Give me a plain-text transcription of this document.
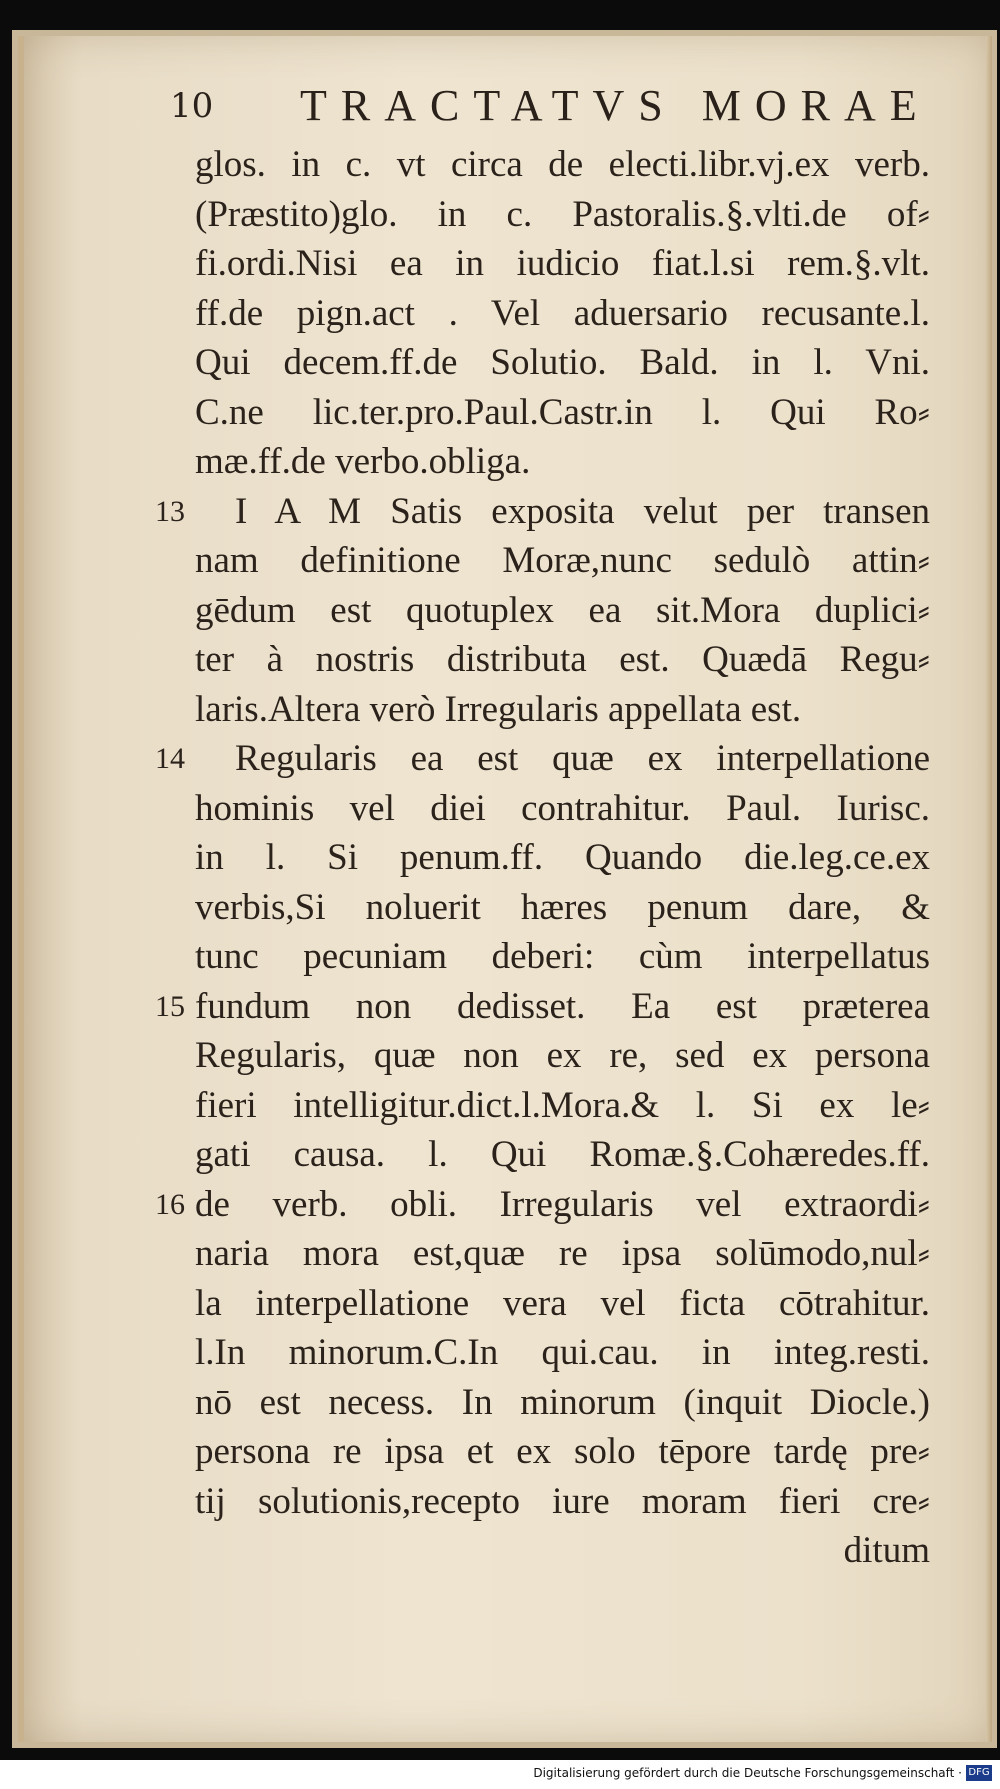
10 TRACTATVS MORAE
glos. in c. vt circa de electi.libr.vj.ex verb.
(Præstito)glo. in c. Pastoralis.§.vlti.de of⸗
fi.ordi.Nisi ea in iudicio fiat.l.si rem.§.vlt.
ff.de pign.act . Vel aduersario recusante.l.
Qui decem.ff.de Solutio. Bald. in l. Vni.
C.ne lic.ter.pro.Paul.Castr.in l. Qui Ro⸗
mæ.ff.de verbo.obliga.
I A M Satis exposita velut per transen
13
nam definitione Moræ,nunc sedulò attin⸗
gēdum est quotuplex ea sit.Mora duplici⸗
ter à nostris distributa est. Quædā Regu⸗
laris.Altera verò Irregularis appellata est.
Regularis ea est quæ ex interpellatione
14
hominis vel diei contrahitur. Paul. Iurisc.
in l. Si penum.ff. Quando die.leg.ce.ex
verbis,Si noluerit hæres penum dare, &
tunc pecuniam deberi: cùm interpellatus
fundum non dedisset. Ea est præterea
15
Regularis, quæ non ex re, sed ex persona
fieri intelligitur.dict.l.Mora.& l. Si ex le⸗
gati causa. l. Qui Romæ.§.Cohæredes.ff.
de verb. obli. Irregularis vel extraordi⸗
16
naria mora est,quæ re ipsa solūmodo,nul⸗
la interpellatione vera vel ficta cōtrahitur.
l.In minorum.C.In qui.cau. in integ.resti.
nō est necess. In minorum (inquit Diocle.)
persona re ipsa et ex solo tēpore tardę pre⸗
tij solutionis,recepto iure moram fieri cre⸗
ditum
Digitalisierung gefördert durch die Deutsche Forschungsgemeinschaft · DFG
